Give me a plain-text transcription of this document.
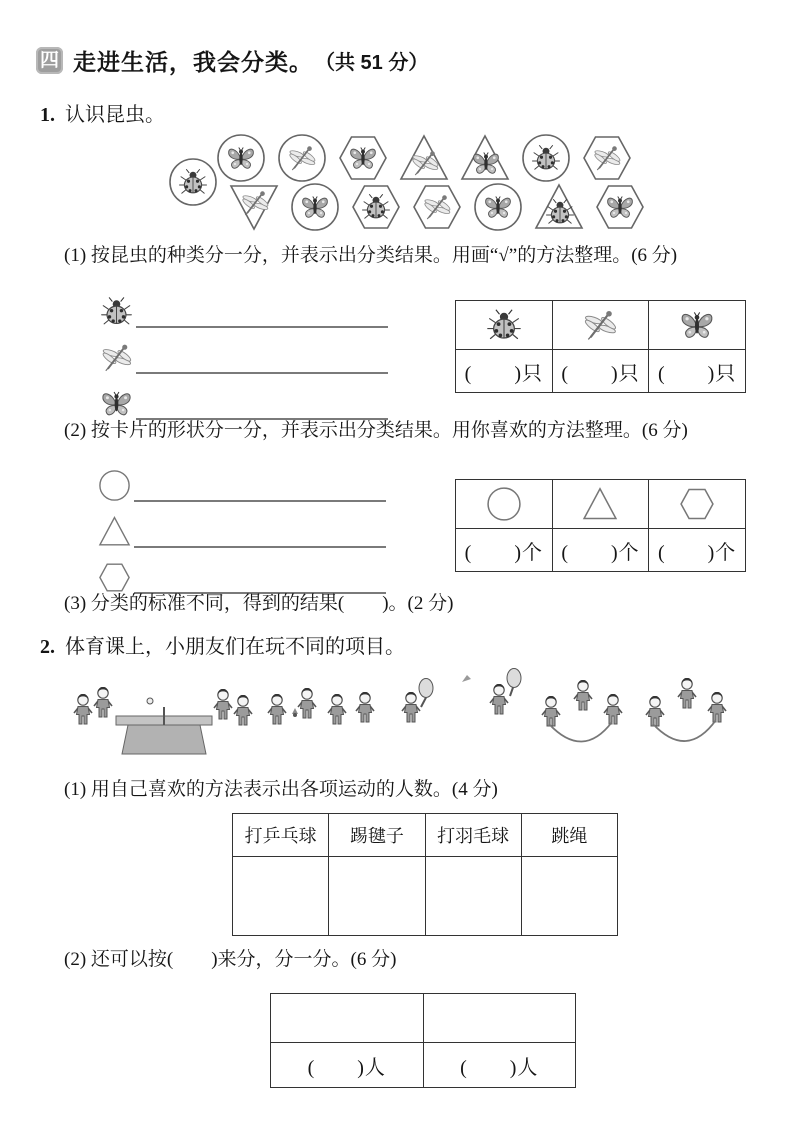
四 走进生活，我会分类。 （共 51 分）
1. 认识昆虫。

(1) 按昆虫的种类分一分，并表示出分类结果。用画“√”的方法整理。(6 分)

(　　)只	(　　)只	(　　)只

(2) 按卡片的形状分一分，并表示出分类结果。用你喜欢的方法整理。(6 分)

(　　)个	(　　)个	(　　)个

(3) 分类的标准不同，得到的结果(　　)。(2 分)

2. 体育课上，小朋友们在玩不同的项目。

(1) 用自己喜欢的方法表示出各项运动的人数。(4 分)

打乒乓球	踢毽子	打羽毛球	跳绳

(2) 还可以按(　　)来分，分一分。(6 分)

(　　)人	(　　)人
